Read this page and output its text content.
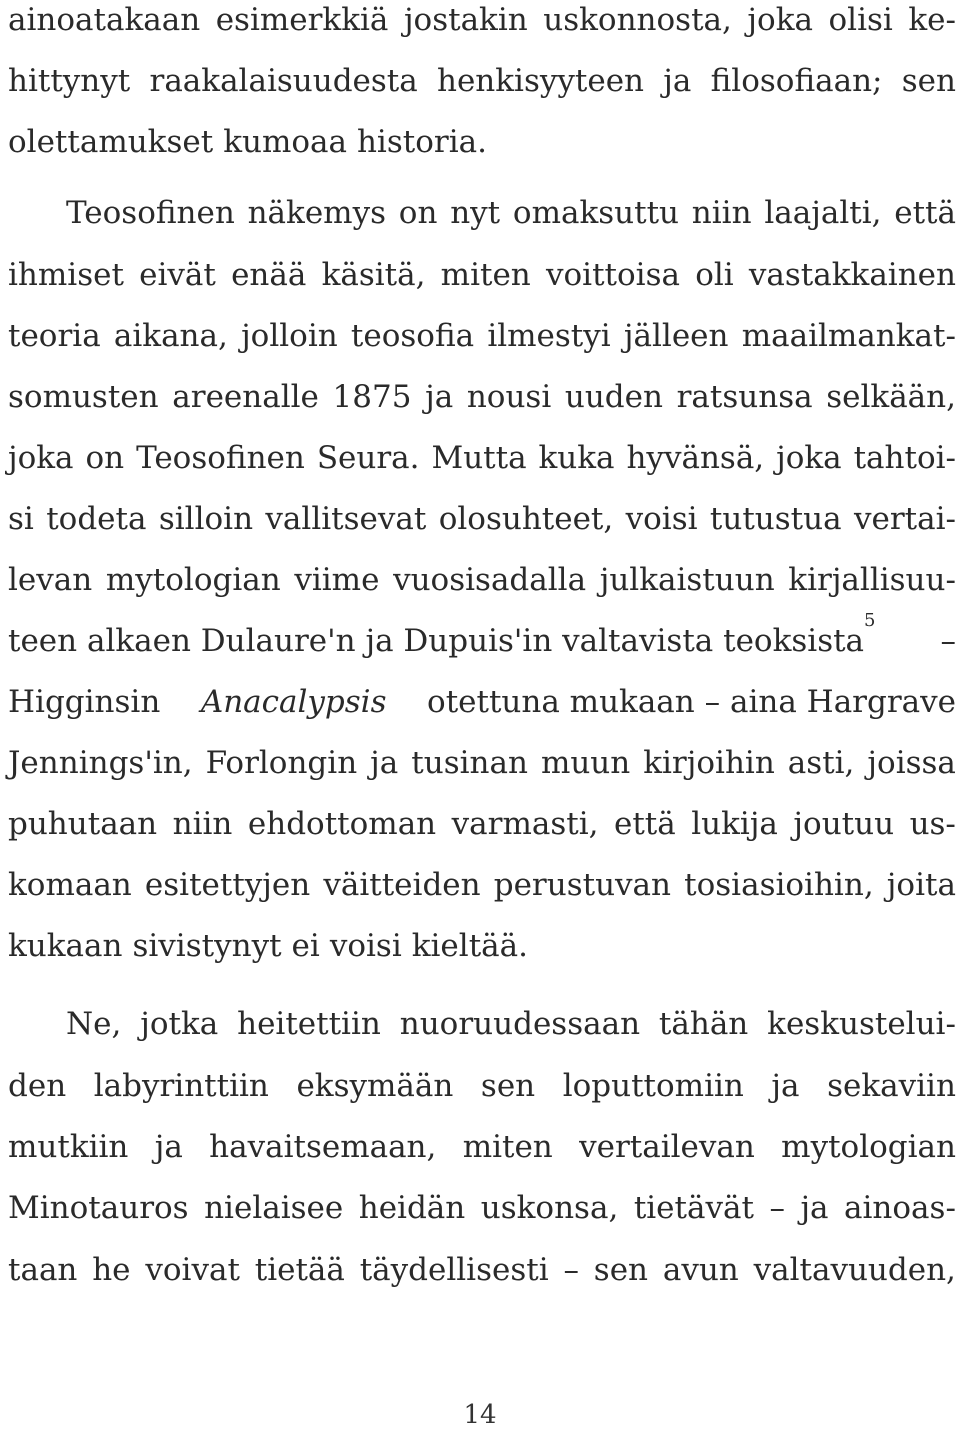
ainoatakaan esimerkkiä jostakin uskonnosta, joka olisi ke-
hittynyt raakalaisuudesta henkisyyteen ja filosofiaan; sen
olettamukset kumoaa historia.
Teosofinen näkemys on nyt omaksuttu niin laajalti, että
ihmiset eivät enää käsitä, miten voittoisa oli vastakkainen
teoria aikana, jolloin teosofia ilmestyi jälleen maailmankat-
somusten areenalle 1875 ja nousi uuden ratsunsa selkään,
joka on Teosofinen Seura. Mutta kuka hyvänsä, joka tahtoi-
si todeta silloin vallitsevat olosuhteet, voisi tutustua vertai-
levan mytologian viime vuosisadalla julkaistuun kirjallisuu-
teen alkaen Dulaure'n ja Dupuis'in valtavista teoksista
5
–
Higginsin Anacalypsis otettuna mukaan – aina Hargrave
Jennings'in, Forlongin ja tusinan muun kirjoihin asti, joissa
puhutaan niin ehdottoman varmasti, että lukija joutuu us-
komaan esitettyjen väitteiden perustuvan tosiasioihin, joita
kukaan sivistynyt ei voisi kieltää.
Ne, jotka heitettiin nuoruudessaan tähän keskustelui-
den labyrinttiin eksymään sen loputtomiin ja sekaviin
mutkiin ja havaitsemaan, miten vertailevan mytologian
Minotauros nielaisee heidän uskonsa, tietävät – ja ainoas-
taan he voivat tietää täydellisesti – sen avun valtavuuden,
14
